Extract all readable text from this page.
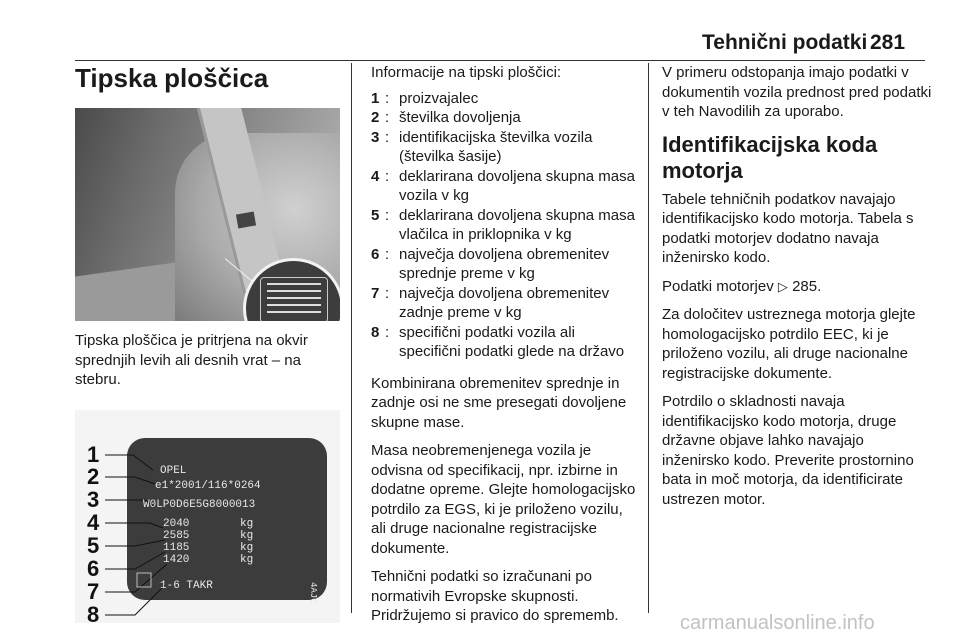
Tehnični podatki 281
Tipska ploščica

Tipska ploščica je pritrjena na okvir sprednjih levih ali desnih vrat – na stebru.

1
2
3
4
5
6
7
8
OPEL
e1*2001/116*0264
W0LP0D6E5G8000013
2040
2585
1185
1420
kg
kg
kg
kg
1-6 TAKR	4AJC

Informacije na tipski ploščici:

1 : proizvajalec
2 : številka dovoljenja
3 : identifikacijska številka vozila (številka šasije)
4 : deklarirana dovoljena skupna masa vozila v kg
5 : deklarirana dovoljena skupna masa vlačilca in priklopnika v kg
6 : največja dovoljena obremenitev sprednje preme v kg
7 : največja dovoljena obremenitev zadnje preme v kg
8 : specifični podatki vozila ali specifični podatki glede na državo

Kombinirana obremenitev sprednje in zadnje osi ne sme presegati dovoljene skupne mase.

Masa neobremenjenega vozila je odvisna od specifikacij, npr. izbirne in dodatne opreme. Glejte homologacijsko potrdilo za EGS, ki je priloženo vozilu, ali druge nacionalne registracijske dokumente.

Tehnični podatki so izračunani po normativih Evropske skupnosti. Pridržujemo si pravico do sprememb.

V primeru odstopanja imajo podatki v dokumentih vozila prednost pred podatki v teh Navodilih za uporabo.

Identifikacijska koda motorja

Tabele tehničnih podatkov navajajo identifikacijsko kodo motorja. Tabela s podatki motorjev dodatno navaja inženirsko kodo.

Podatki motorjev ▷ 285.

Za določitev ustreznega motorja glejte homologacijsko potrdilo EEC, ki je priloženo vozilu, ali druge nacionalne registracijske dokumente.

Potrdilo o skladnosti navaja identifikacijsko kodo motorja, druge državne objave lahko navajajo inženirsko kodo. Preverite prostornino bata in moč motorja, da identificirate ustrezen motor.

carmanualsonline.info
